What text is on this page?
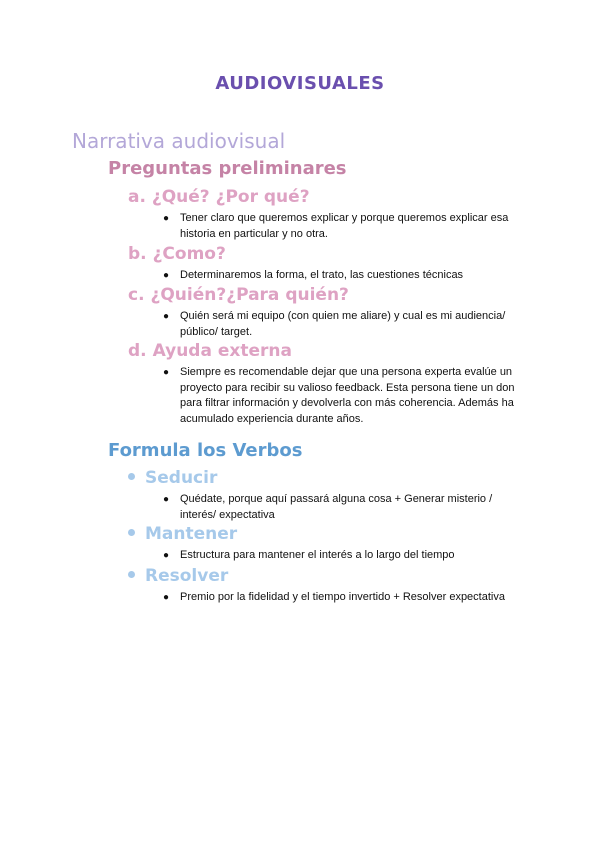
AUDIOVISUALES
Narrativa audiovisual
Preguntas preliminares
a. ¿Qué? ¿Por qué?
● Tener claro que queremos explicar y porque queremos explicar esa historia en particular y no otra.
b. ¿Como?
● Determinaremos la forma, el trato, las cuestiones técnicas
c. ¿Quién?¿Para quién?
● Quién será mi equipo (con quien me aliare) y cual es mi audiencia/ público/ target.
d. Ayuda externa
● Siempre es recomendable dejar que una persona experta evalúe un proyecto para recibir su valioso feedback. Esta persona tiene un don para filtrar información y devolverla con más coherencia. Además ha acumulado experiencia durante años.
Formula los Verbos
Seducir
● Quédate, porque aquí passará alguna cosa + Generar misterio / interés/ expectativa
Mantener
● Estructura para mantener el interés a lo largo del tiempo
Resolver
● Premio por la fidelidad y el tiempo invertido + Resolver expectativa
